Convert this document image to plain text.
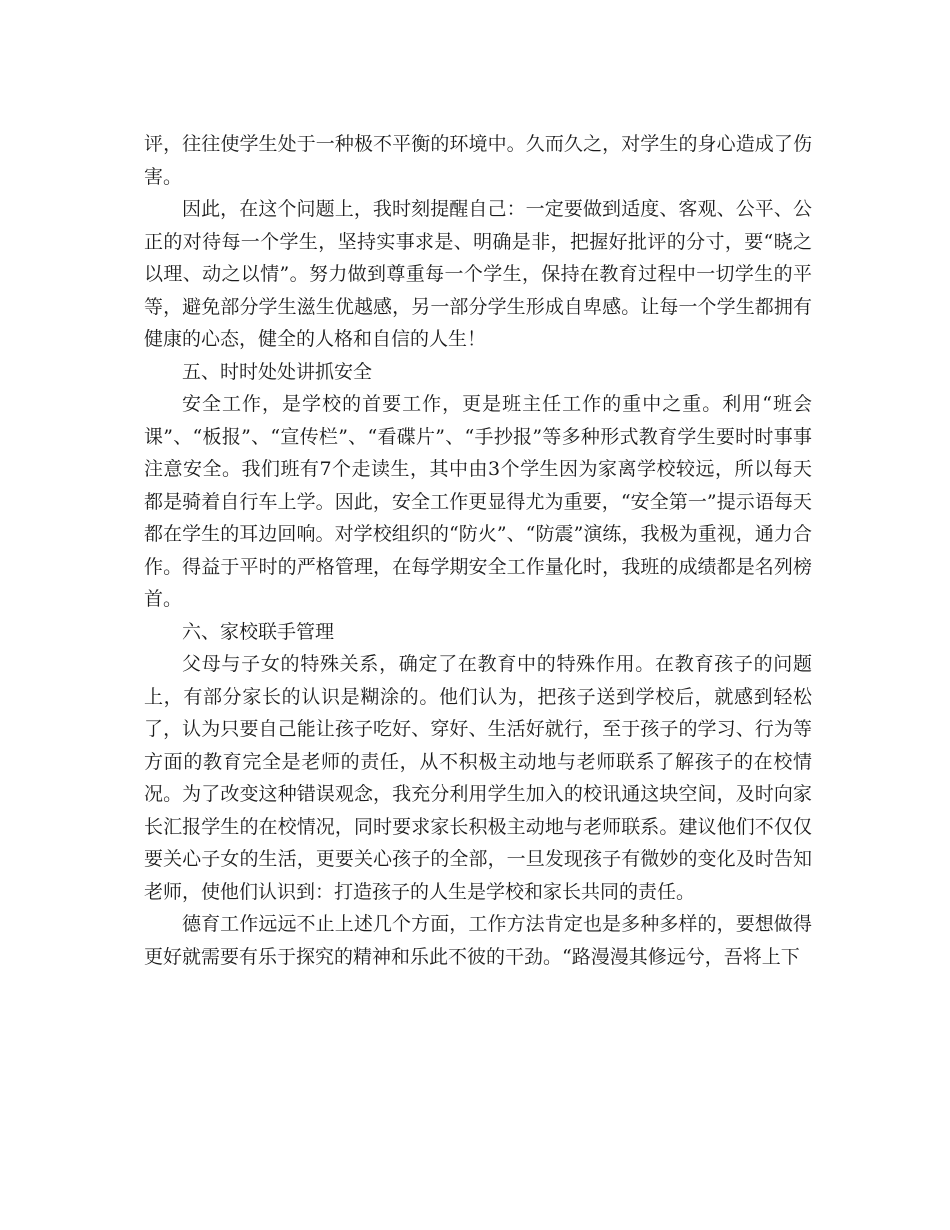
评，往往使学生处于一种极不平衡的环境中。久而久之，对学生的身心造成了伤害。

因此，在这个问题上，我时刻提醒自己：一定要做到适度、客观、公平、公正的对待每一个学生，坚持实事求是、明确是非，把握好批评的分寸，要“晓之以理、动之以情”。努力做到尊重每一个学生，保持在教育过程中一切学生的平等，避免部分学生滋生优越感，另一部分学生形成自卑感。让每一个学生都拥有健康的心态，健全的人格和自信的人生！

五、时时处处讲抓安全

安全工作，是学校的首要工作，更是班主任工作的重中之重。利用“班会课”、“板报”、“宣传栏”、“看碟片”、“手抄报”等多种形式教育学生要时时事事注意安全。我们班有7个走读生，其中由3个学生因为家离学校较远，所以每天都是骑着自行车上学。因此，安全工作更显得尤为重要，“安全第一”提示语每天都在学生的耳边回响。对学校组织的“防火”、“防震”演练，我极为重视，通力合作。得益于平时的严格管理，在每学期安全工作量化时，我班的成绩都是名列榜首。

六、家校联手管理

父母与子女的特殊关系，确定了在教育中的特殊作用。在教育孩子的问题上，有部分家长的认识是糊涂的。他们认为，把孩子送到学校后，就感到轻松了，认为只要自己能让孩子吃好、穿好、生活好就行，至于孩子的学习、行为等方面的教育完全是老师的责任，从不积极主动地与老师联系了解孩子的在校情况。为了改变这种错误观念，我充分利用学生加入的校讯通这块空间，及时向家长汇报学生的在校情况，同时要求家长积极主动地与老师联系。建议他们不仅仅要关心子女的生活，更要关心孩子的全部，一旦发现孩子有微妙的变化及时告知老师，使他们认识到：打造孩子的人生是学校和家长共同的责任。

德育工作远远不止上述几个方面，工作方法肯定也是多种多样的，要想做得更好就需要有乐于探究的精神和乐此不彼的干劲。“路漫漫其修远兮，吾将上下
